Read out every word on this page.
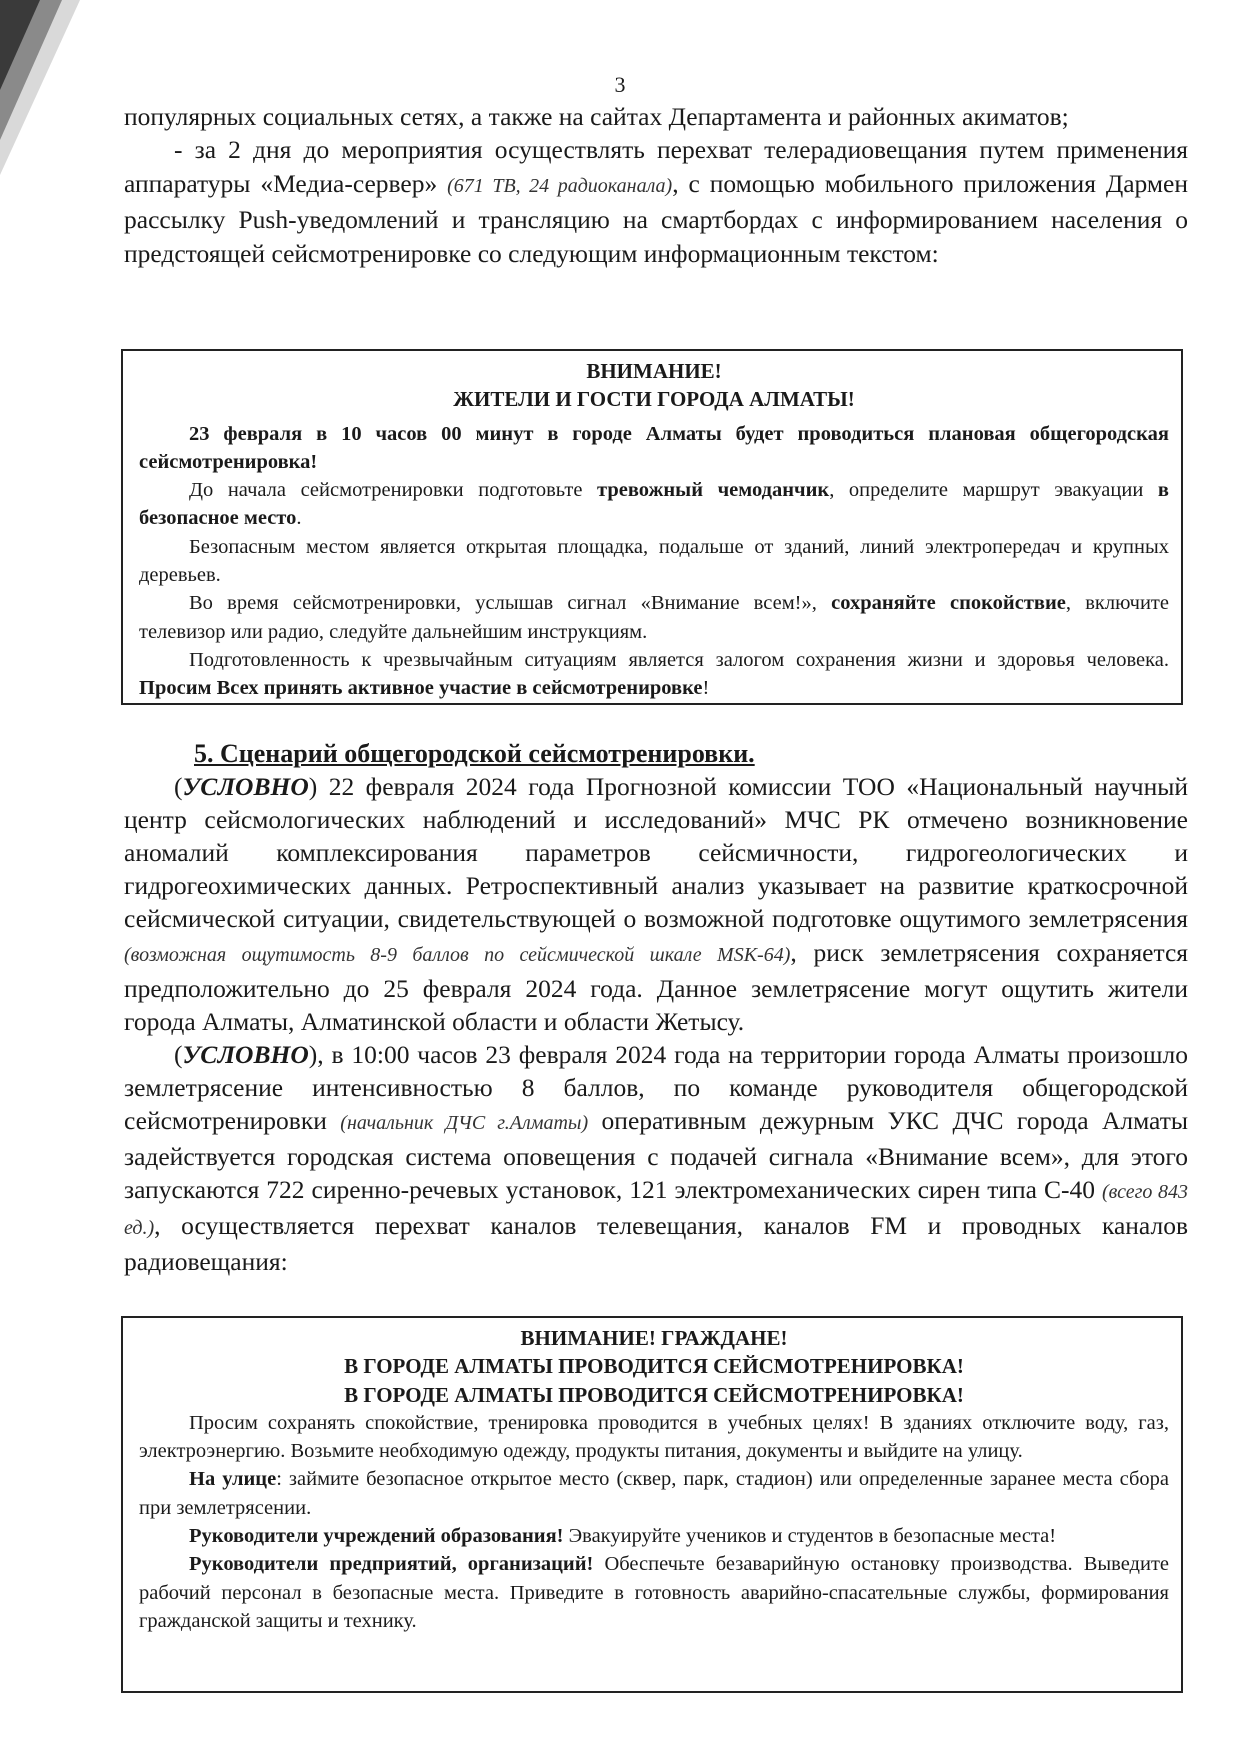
3

популярных социальных сетях, а также на сайтах Департамента и районных акиматов;

- за 2 дня до мероприятия осуществлять перехват телерадиовещания путем применения аппаратуры «Медиа-сервер» (671 ТВ, 24 радиоканала), с помощью мобильного приложения Дармен рассылку Push-уведомлений и трансляцию на смартбордах с информированием населения о предстоящей сейсмотренировке со следующим информационным текстом:

ВНИМАНИЕ!

ЖИТЕЛИ И ГОСТИ ГОРОДА АЛМАТЫ!

23 февраля в 10 часов 00 минут в городе Алматы будет проводиться плановая общегородская сейсмотренировка!

До начала сейсмотренировки подготовьте тревожный чемоданчик, определите маршрут эвакуации в безопасное место.

Безопасным местом является открытая площадка, подальше от зданий, линий электропередач и крупных деревьев.

Во время сейсмотренировки, услышав сигнал «Внимание всем!», сохраняйте спокойствие, включите телевизор или радио, следуйте дальнейшим инструкциям.

Подготовленность к чрезвычайным ситуациям является залогом сохранения жизни и здоровья человека. Просим Всех принять активное участие в сейсмотренировке!

5. Сценарий общегородской сейсмотренировки.

(УСЛОВНО) 22 февраля 2024 года Прогнозной комиссии ТОО «Национальный научный центр сейсмологических наблюдений и исследований» МЧС РК отмечено возникновение аномалий комплексирования параметров сейсмичности, гидрогеологических и гидрогеохимических данных. Ретроспективный анализ указывает на развитие краткосрочной сейсмической ситуации, свидетельствующей о возможной подготовке ощутимого землетрясения (возможная ощутимость 8-9 баллов по сейсмической шкале MSK-64), риск землетрясения сохраняется предположительно до 25 февраля 2024 года. Данное землетрясение могут ощутить жители города Алматы, Алматинской области и области Жетысу.

(УСЛОВНО), в 10:00 часов 23 февраля 2024 года на территории города Алматы произошло землетрясение интенсивностью 8 баллов, по команде руководителя общегородской сейсмотренировки (начальник ДЧС г.Алматы) оперативным дежурным УКС ДЧС города Алматы задействуется городская система оповещения с подачей сигнала «Внимание всем», для этого запускаются 722 сиренно-речевых установок, 121 электромеханических сирен типа С-40 (всего 843 ед.), осуществляется перехват каналов телевещания, каналов FM и проводных каналов радиовещания:

ВНИМАНИЕ! ГРАЖДАНЕ!

В ГОРОДЕ АЛМАТЫ ПРОВОДИТСЯ СЕЙСМОТРЕНИРОВКА!

В ГОРОДЕ АЛМАТЫ ПРОВОДИТСЯ СЕЙСМОТРЕНИРОВКА!

Просим сохранять спокойствие, тренировка проводится в учебных целях! В зданиях отключите воду, газ, электроэнергию. Возьмите необходимую одежду, продукты питания, документы и выйдите на улицу.

На улице: займите безопасное открытое место (сквер, парк, стадион) или определенные заранее места сбора при землетрясении.

Руководители учреждений образования! Эвакуируйте учеников и студентов в безопасные места!

Руководители предприятий, организаций! Обеспечьте безаварийную остановку производства. Выведите рабочий персонал в безопасные места. Приведите в готовность аварийно-спасательные службы, формирования гражданской защиты и технику.
